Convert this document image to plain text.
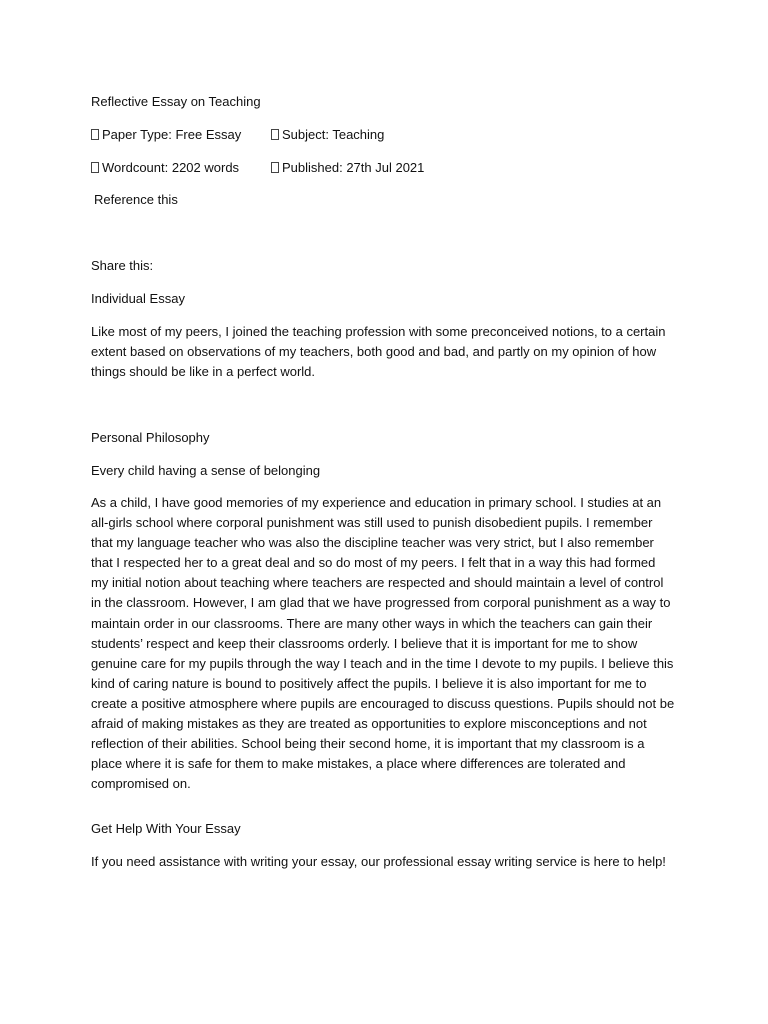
Reflective Essay on Teaching
Paper Type: Free Essay	Subject: Teaching
Wordcount: 2202 words	Published: 27th Jul 2021
Reference this
Share this:
Individual Essay
Like most of my peers, I joined the teaching profession with some preconceived notions, to a certain extent based on observations of my teachers, both good and bad, and partly on my opinion of how things should be like in a perfect world.
Personal Philosophy
Every child having a sense of belonging
As a child, I have good memories of my experience and education in primary school. I studies at an all-girls school where corporal punishment was still used to punish disobedient pupils. I remember that my language teacher who was also the discipline teacher was very strict, but I also remember that I respected her to a great deal and so do most of my peers. I felt that in a way this had formed my initial notion about teaching where teachers are respected and should maintain a level of control in the classroom. However, I am glad that we have progressed from corporal punishment as a way to maintain order in our classrooms. There are many other ways in which the teachers can gain their students’ respect and keep their classrooms orderly. I believe that it is important for me to show genuine care for my pupils through the way I teach and in the time I devote to my pupils. I believe this kind of caring nature is bound to positively affect the pupils. I believe it is also important for me to create a positive atmosphere where pupils are encouraged to discuss questions. Pupils should not be afraid of making mistakes as they are treated as opportunities to explore misconceptions and not reflection of their abilities. School being their second home, it is important that my classroom is a place where it is safe for them to make mistakes, a place where differences are tolerated and compromised on.
Get Help With Your Essay
If you need assistance with writing your essay, our professional essay writing service is here to help!
